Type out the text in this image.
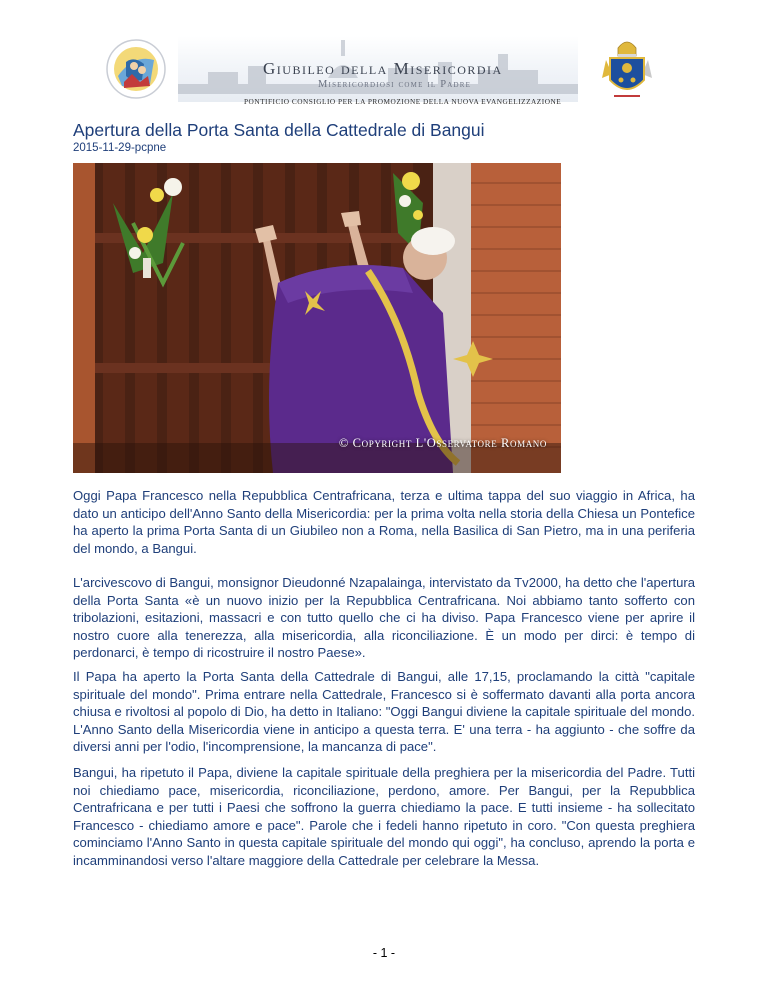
Giubileo della Misericordia
Misericordiosi come il Padre
PONTIFICIO CONSIGLIO PER LA PROMOZIONE DELLA NUOVA EVANGELIZZAZIONE
Apertura della Porta Santa della Cattedrale di Bangui
2015-11-29-pcpne
© Copyright L'Osservatore Romano

Oggi Papa Francesco nella Repubblica Centrafricana, terza e ultima tappa del suo viaggio in Africa, ha dato un anticipo dell'Anno Santo della Misericordia: per la prima volta nella storia della Chiesa un Pontefice ha aperto la prima Porta Santa di un Giubileo non a Roma, nella Basilica di San Pietro, ma in una periferia del mondo, a Bangui.

L'arcivescovo di Bangui, monsignor Dieudonné Nzapalainga, intervistato da Tv2000, ha detto che l'apertura della Porta Santa «è un nuovo inizio per la Repubblica Centrafricana. Noi abbiamo tanto sofferto con tribolazioni, esitazioni, massacri e con tutto quello che ci ha diviso. Papa Francesco viene per aprire il nostro cuore alla tenerezza, alla misericordia, alla riconciliazione. È un modo per dirci: è tempo di perdonarci, è tempo di ricostruire il nostro Paese».

Il Papa ha aperto la Porta Santa della Cattedrale di Bangui, alle 17,15, proclamando la città "capitale spirituale del mondo". Prima entrare nella Cattedrale, Francesco si è soffermato davanti alla porta ancora chiusa e rivoltosi al popolo di Dio, ha detto in Italiano: "Oggi Bangui diviene la capitale spirituale del mondo. L'Anno Santo della Misericordia viene in anticipo a questa terra. E' una terra - ha aggiunto - che soffre da diversi anni per l'odio, l'incomprensione, la mancanza di pace".

Bangui, ha ripetuto il Papa, diviene la capitale spirituale della preghiera per la misericordia del Padre. Tutti noi chiediamo pace, misericordia, riconciliazione, perdono, amore. Per Bangui, per la Repubblica Centrafricana e per tutti i Paesi che soffrono la guerra chiediamo la pace. E tutti insieme - ha sollecitato Francesco - chiediamo amore e pace". Parole che i fedeli hanno ripetuto in coro. "Con questa preghiera cominciamo l'Anno Santo in questa capitale spirituale del mondo qui oggi", ha concluso, aprendo la porta e incamminandosi verso l'altare maggiore della Cattedrale per celebrare la Messa.

- 1 -
